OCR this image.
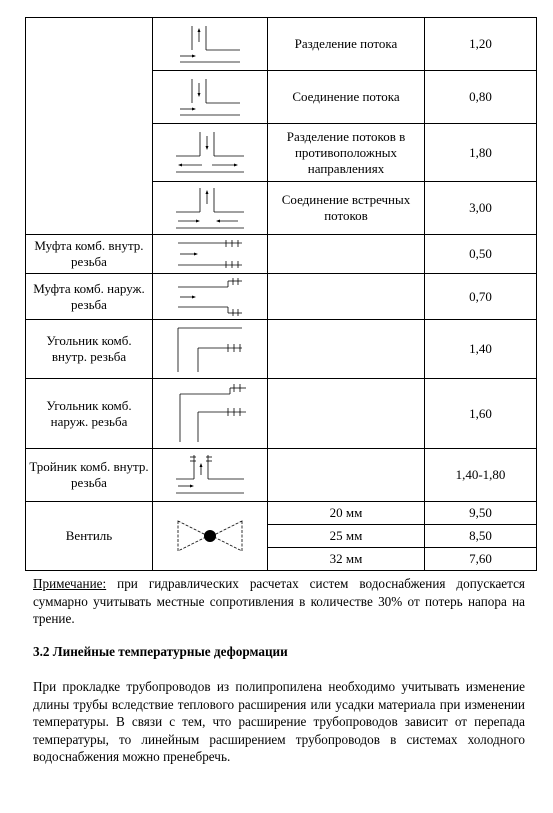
	Разделение потока	1,20

	Соединение потока	0,80

	Разделение потоков в противоположных направлениях	1,80

	Соединение встречных потоков	3,00
Муфта комб. внутр. резьба			0,50
Муфта комб. наруж. резьба			0,70
Угольник комб. внутр. резьба			1,40
Угольник комб. наруж. резьба			1,60
Тройник комб. внутр. резьба			1,40-1,80
Вентиль		20 мм	9,50
		25 мм	8,50
		32 мм	7,60
Примечание: при гидравлических расчетах систем водоснабжения допускается суммарно учитывать местные сопротивления в количестве 30% от потерь напора на трение.
3.2 Линейные температурные деформации
При прокладке трубопроводов из полипропилена необходимо учитывать изменение длины трубы вследствие теплового расширения или усадки материала при изменении температуры. В связи с тем, что расширение трубопроводов зависит от перепада температуры, то линейным расширением трубопроводов в системах холодного водоснабжения можно пренебречь.
